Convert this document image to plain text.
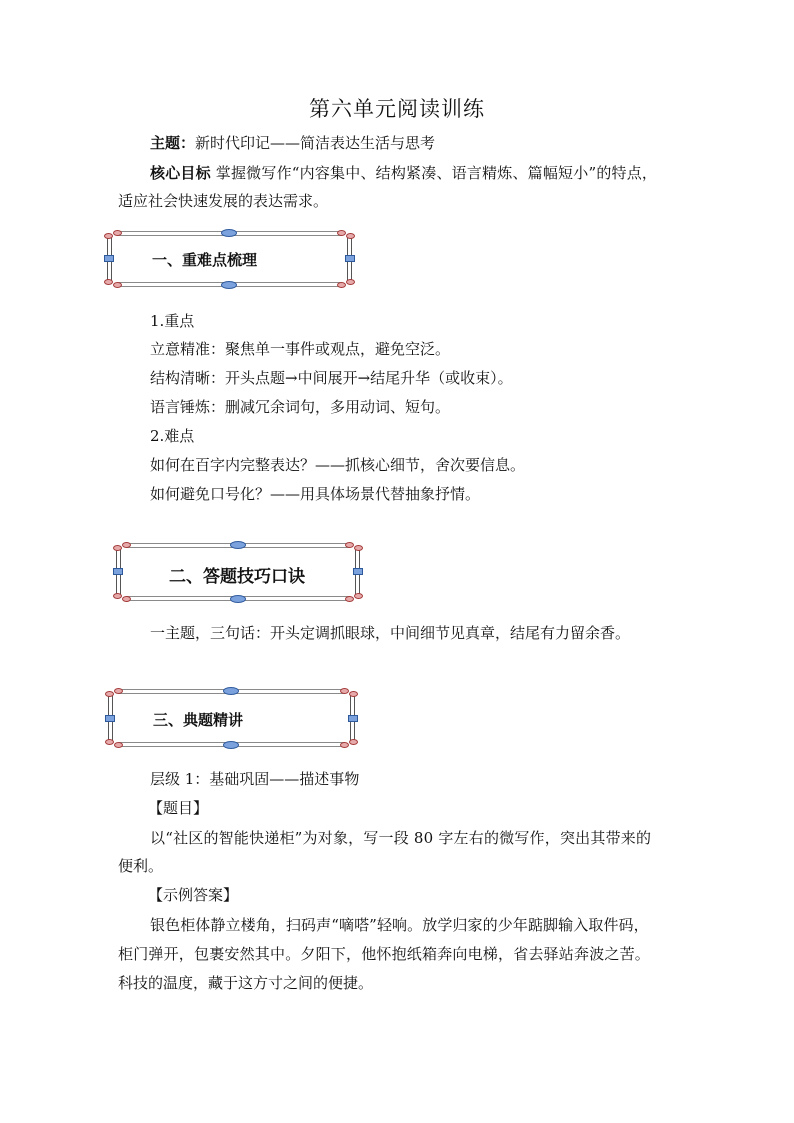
第六单元阅读训练
主题：新时代印记——简洁表达生活与思考
核心目标 掌握微写作“内容集中、结构紧凑、语言精炼、篇幅短小”的特点，
适应社会快速发展的表达需求。
一、重难点梳理
1.重点
立意精准：聚焦单一事件或观点，避免空泛。
结构清晰：开头点题→中间展开→结尾升华（或收束）。
语言锤炼：删减冗余词句，多用动词、短句。
2.难点
如何在百字内完整表达？——抓核心细节，舍次要信息。
如何避免口号化？——用具体场景代替抽象抒情。
二、答题技巧口诀
一主题，三句话：开头定调抓眼球，中间细节见真章，结尾有力留余香。
三、典题精讲
层级 1：基础巩固——描述事物
【题目】
以“社区的智能快递柜”为对象，写一段 80 字左右的微写作，突出其带来的
便利。
【示例答案】
银色柜体静立楼角，扫码声“嘀嗒”轻响。放学归家的少年踮脚输入取件码，
柜门弹开，包裹安然其中。夕阳下，他怀抱纸箱奔向电梯，省去驿站奔波之苦。
科技的温度，藏于这方寸之间的便捷。
